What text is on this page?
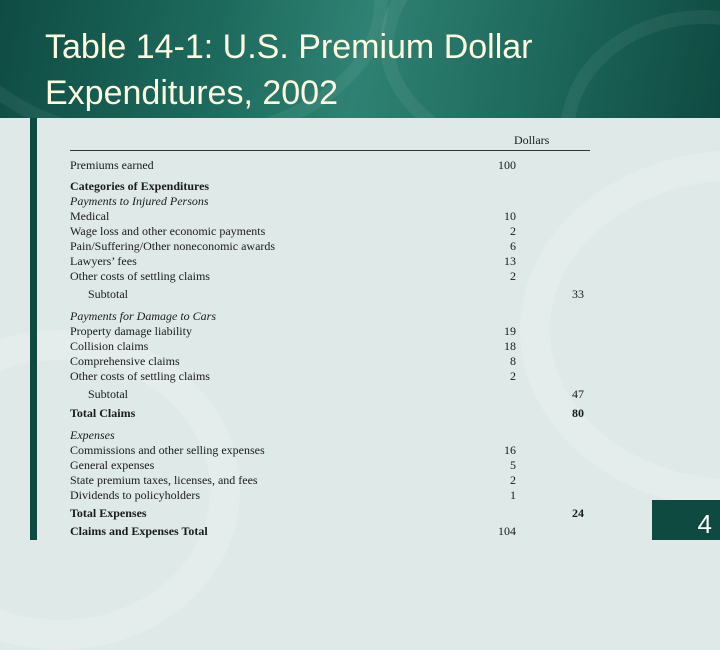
Table 14-1: U.S. Premium Dollar
Expenditures, 2002
Dollars
Premiums earned	100
Categories of Expenditures
Payments to Injured Persons
Medical	10
Wage loss and other economic payments	2
Pain/Suffering/Other noneconomic awards	6
Lawyers’ fees	13
Other costs of settling claims	2
Subtotal	33
Payments for Damage to Cars
Property damage liability	19
Collision claims	18
Comprehensive claims	8
Other costs of settling claims	2
Subtotal	47
Total Claims	80
Expenses
Commissions and other selling expenses	16
General expenses	5
State premium taxes, licenses, and fees	2
Dividends to policyholders	1
Total Expenses	24
Claims and Expenses Total	104	4
